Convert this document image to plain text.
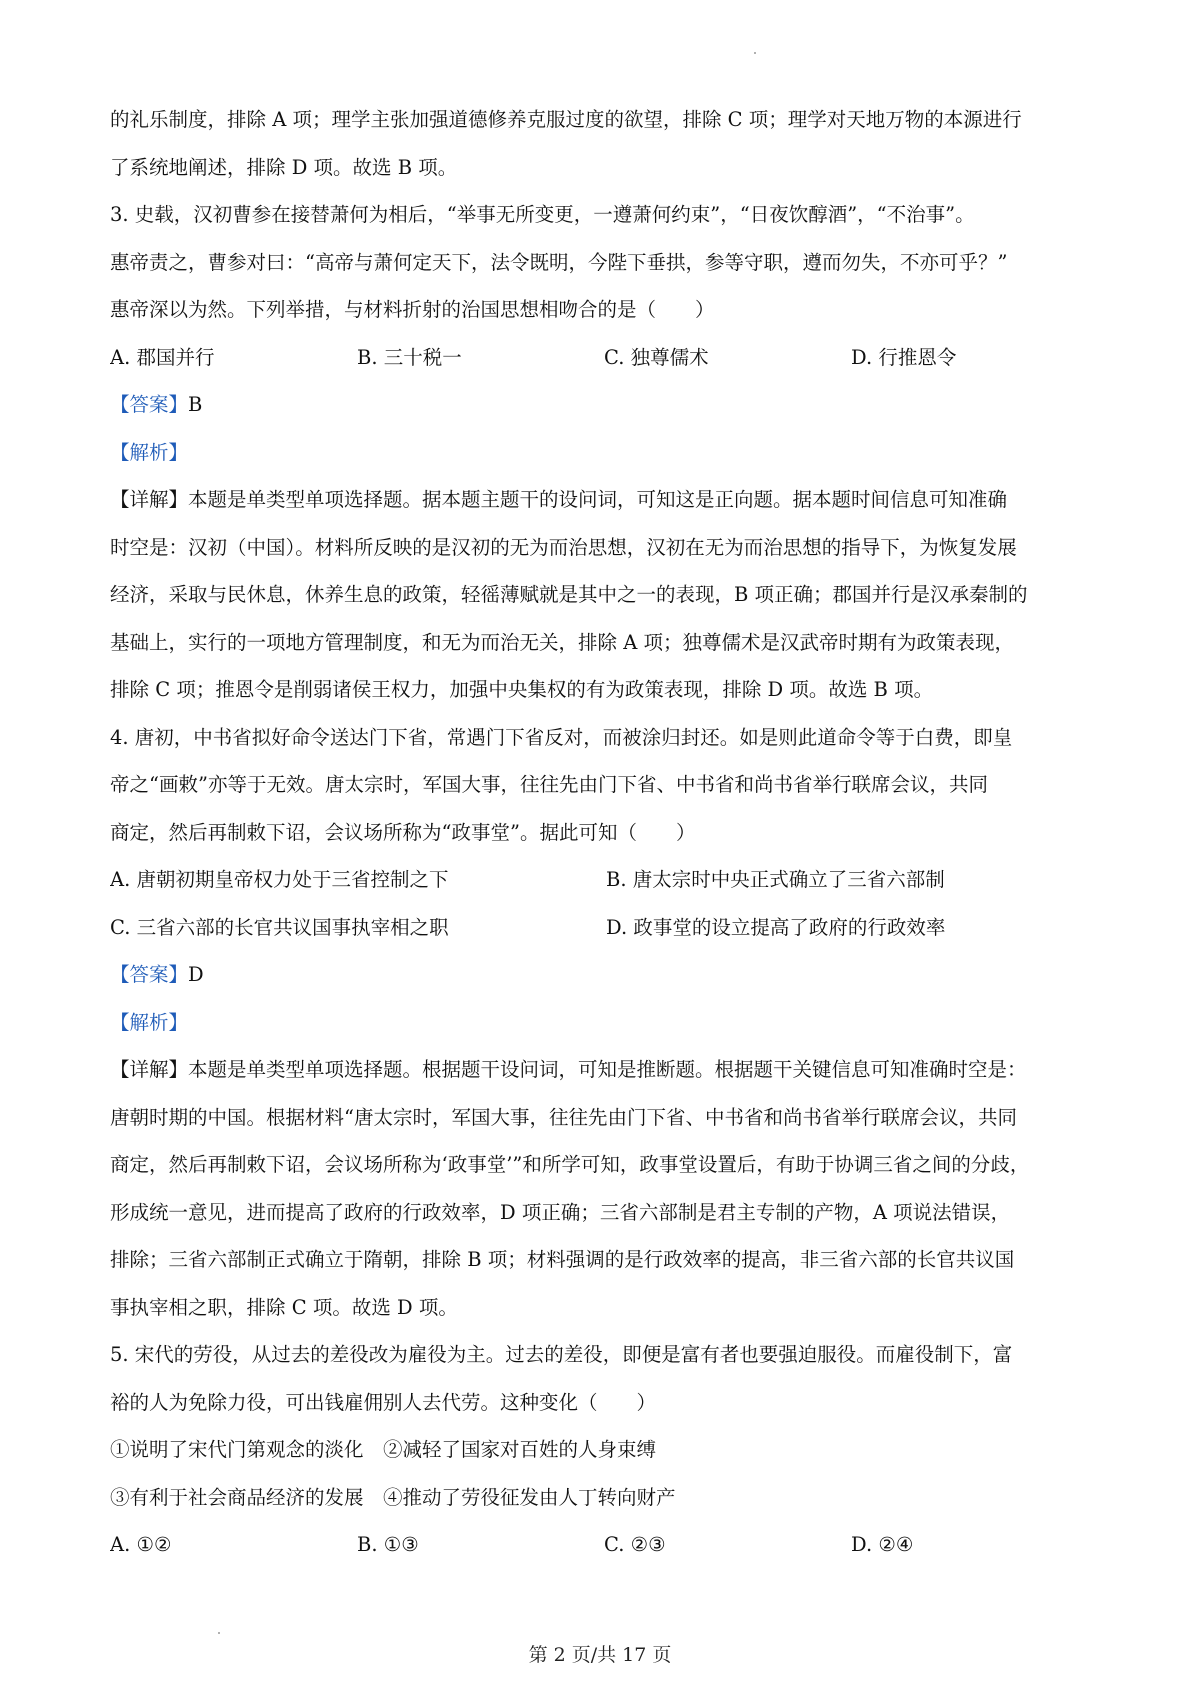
的礼乐制度，排除 A 项；理学主张加强道德修养克服过度的欲望，排除 C 项；理学对天地万物的本源进行
了系统地阐述，排除 D 项。故选 B 项。
3. 史载，汉初曹参在接替萧何为相后，“举事无所变更，一遵萧何约束”，“日夜饮醇酒”，“不治事”。
惠帝责之，曹参对曰：“高帝与萧何定天下，法令既明，今陛下垂拱，参等守职，遵而勿失，不亦可乎？”
惠帝深以为然。下列举措，与材料折射的治国思想相吻合的是（　　）
A. 郡国并行	B. 三十税一	C. 独尊儒术	D. 行推恩令
【答案】B
【解析】
【详解】本题是单类型单项选择题。据本题主题干的设问词，可知这是正向题。据本题时间信息可知准确
时空是：汉初（中国）。材料所反映的是汉初的无为而治思想，汉初在无为而治思想的指导下，为恢复发展
经济，采取与民休息，休养生息的政策，轻徭薄赋就是其中之一的表现，B 项正确；郡国并行是汉承秦制的
基础上，实行的一项地方管理制度，和无为而治无关，排除 A 项；独尊儒术是汉武帝时期有为政策表现，
排除 C 项；推恩令是削弱诸侯王权力，加强中央集权的有为政策表现，排除 D 项。故选 B 项。
4. 唐初，中书省拟好命令送达门下省，常遇门下省反对，而被涂归封还。如是则此道命令等于白费，即皇
帝之“画敕”亦等于无效。唐太宗时，军国大事，往往先由门下省、中书省和尚书省举行联席会议，共同
商定，然后再制敕下诏，会议场所称为“政事堂”。据此可知（　　）
A. 唐朝初期皇帝权力处于三省控制之下	B. 唐太宗时中央正式确立了三省六部制
C. 三省六部的长官共议国事执宰相之职	D. 政事堂的设立提高了政府的行政效率
【答案】D
【解析】
【详解】本题是单类型单项选择题。根据题干设问词，可知是推断题。根据题干关键信息可知准确时空是：
唐朝时期的中国。根据材料“唐太宗时，军国大事，往往先由门下省、中书省和尚书省举行联席会议，共同
商定，然后再制敕下诏，会议场所称为‘政事堂’”和所学可知，政事堂设置后，有助于协调三省之间的分歧，
形成统一意见，进而提高了政府的行政效率，D 项正确；三省六部制是君主专制的产物，A 项说法错误，
排除；三省六部制正式确立于隋朝，排除 B 项；材料强调的是行政效率的提高，非三省六部的长官共议国
事执宰相之职，排除 C 项。故选 D 项。
5. 宋代的劳役，从过去的差役改为雇役为主。过去的差役，即便是富有者也要强迫服役。而雇役制下，富
裕的人为免除力役，可出钱雇佣别人去代劳。这种变化（　　）
①说明了宋代门第观念的淡化　②减轻了国家对百姓的人身束缚
③有利于社会商品经济的发展　④推动了劳役征发由人丁转向财产
A. ①②	B. ①③	C. ②③	D. ②④
第 2 页/共 17 页
